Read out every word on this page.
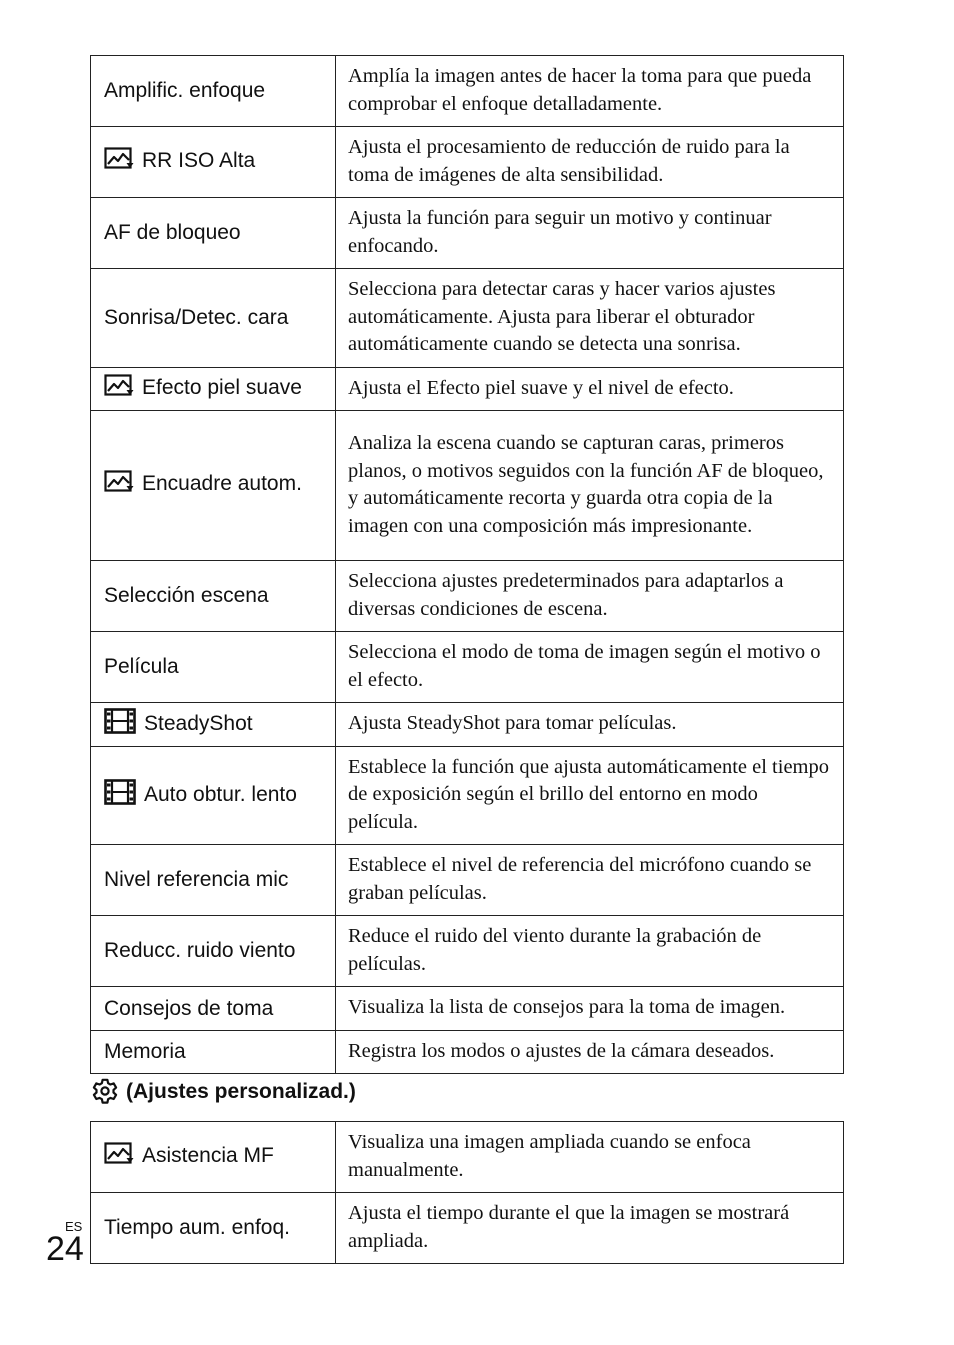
Amplific. enfoque	Amplía la imagen antes de hacer la toma para que pueda comprobar el enfoque detalladamente.
RR ISO Alta	Ajusta el procesamiento de reducción de ruido para la toma de imágenes de alta sensibilidad.
AF de bloqueo	Ajusta la función para seguir un motivo y continuar enfocando.
Sonrisa/Detec. cara	Selecciona para detectar caras y hacer varios ajustes automáticamente. Ajusta para liberar el obturador automáticamente cuando se detecta una sonrisa.
Efecto piel suave	Ajusta el Efecto piel suave y el nivel de efecto.
Encuadre autom.	Analiza la escena cuando se capturan caras, primeros planos, o motivos seguidos con la función AF de bloqueo, y automáticamente recorta y guarda otra copia de la imagen con una composición más impresionante.
Selección escena	Selecciona ajustes predeterminados para adaptarlos a diversas condiciones de escena.
Película	Selecciona el modo de toma de imagen según el motivo o el efecto.
SteadyShot	Ajusta SteadyShot para tomar películas.
Auto obtur. lento	Establece la función que ajusta automáticamente el tiempo de exposición según el brillo del entorno en modo película.
Nivel referencia mic	Establece el nivel de referencia del micrófono cuando se graban películas.
Reducc. ruido viento	Reduce el ruido del viento durante la grabación de películas.
Consejos de toma	Visualiza la lista de consejos para la toma de imagen.
Memoria	Registra los modos o ajustes de la cámara deseados.
(Ajustes personalizad.)
Asistencia MF	Visualiza una imagen ampliada cuando se enfoca manualmente.
Tiempo aum. enfoq.	Ajusta el tiempo durante el que la imagen se mostrará ampliada.
ES
24
